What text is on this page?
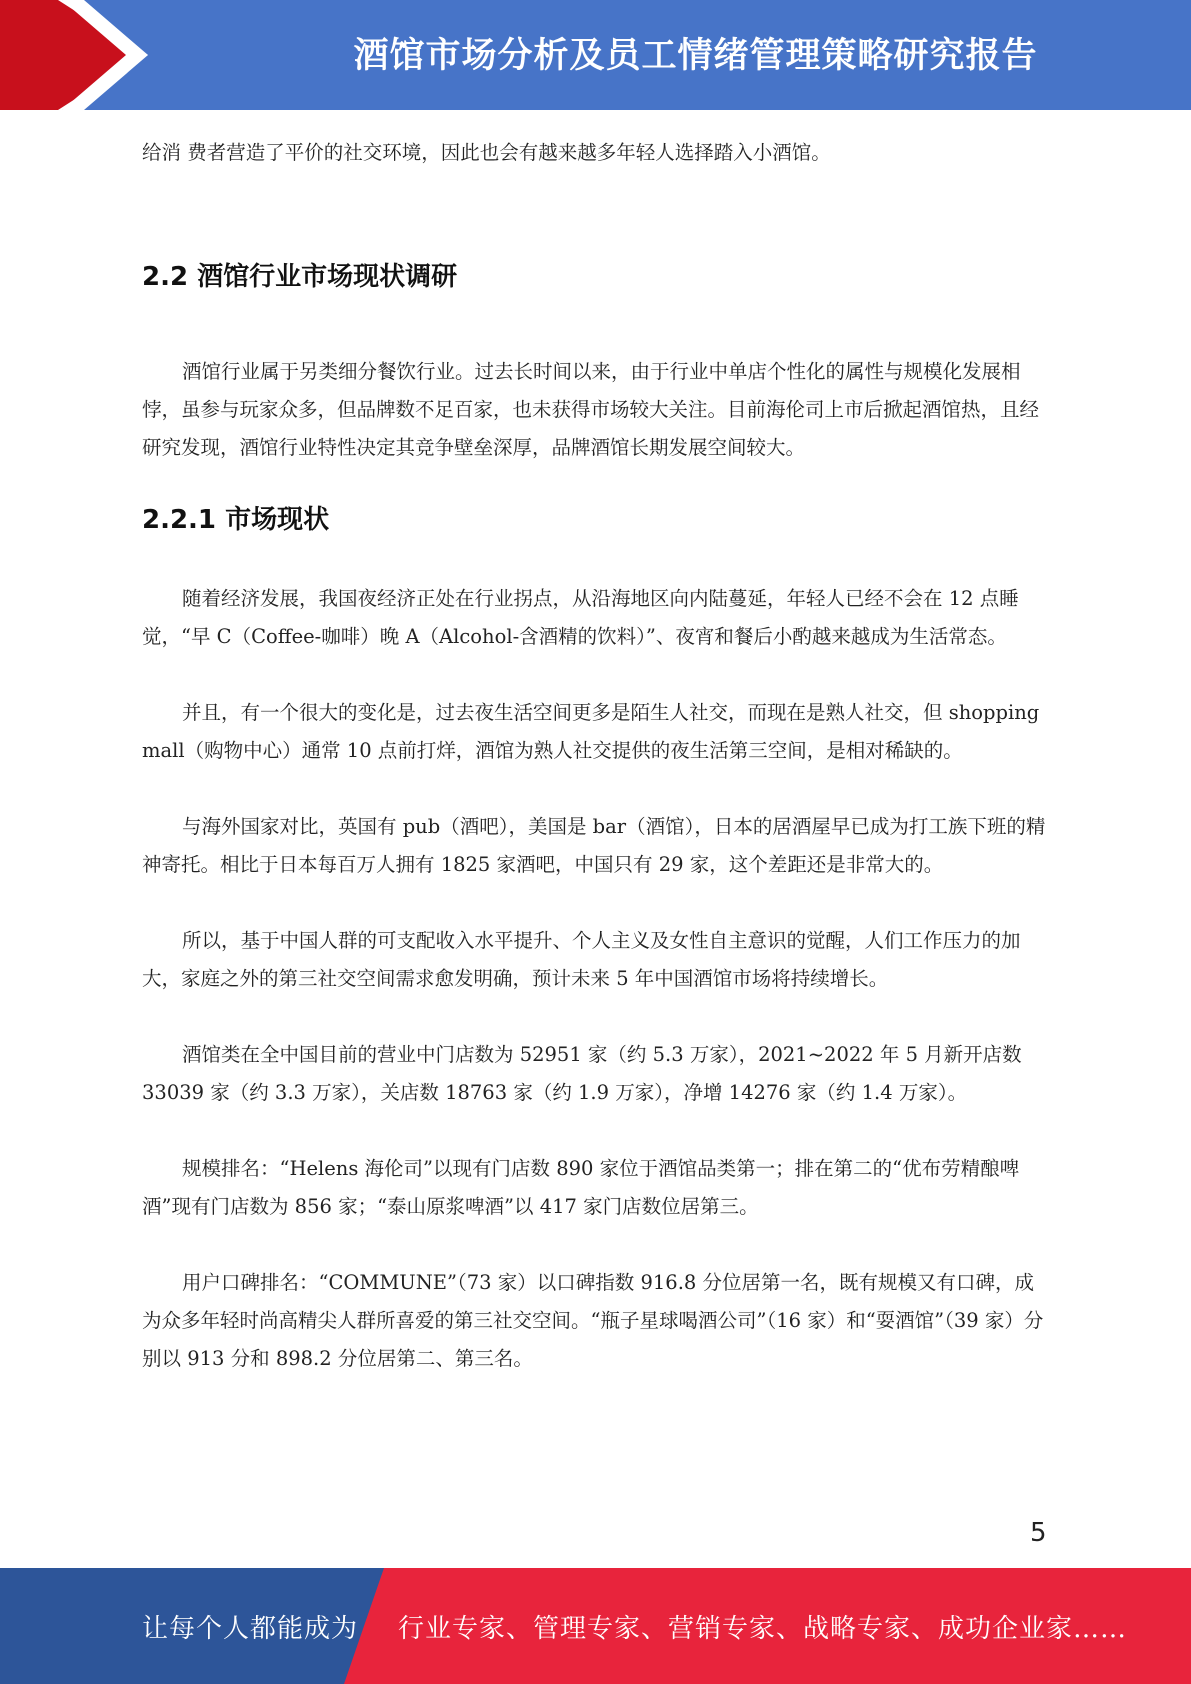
酒馆市场分析及员工情绪管理策略研究报告

给消 费者营造了平价的社交环境，因此也会有越来越多年轻人选择踏入小酒馆。

2.2 酒馆行业市场现状调研

酒馆行业属于另类细分餐饮行业。过去长时间以来，由于行业中单店个性化的属性与规模化发展相悖，虽参与玩家众多，但品牌数不足百家，也未获得市场较大关注。目前海伦司上市后掀起酒馆热，且经研究发现，酒馆行业特性决定其竞争壁垒深厚，品牌酒馆长期发展空间较大。

2.2.1 市场现状

随着经济发展，我国夜经济正处在行业拐点，从沿海地区向内陆蔓延，年轻人已经不会在 12 点睡觉，“早 C（Coffee-咖啡）晚 A（Alcohol-含酒精的饮料）”、夜宵和餐后小酌越来越成为生活常态。

并且，有一个很大的变化是，过去夜生活空间更多是陌生人社交，而现在是熟人社交，但 shopping mall（购物中心）通常 10 点前打烊，酒馆为熟人社交提供的夜生活第三空间，是相对稀缺的。

与海外国家对比，英国有 pub（酒吧），美国是 bar（酒馆），日本的居酒屋早已成为打工族下班的精神寄托。相比于日本每百万人拥有 1825 家酒吧，中国只有 29 家，这个差距还是非常大的。

所以，基于中国人群的可支配收入水平提升、个人主义及女性自主意识的觉醒，人们工作压力的加大，家庭之外的第三社交空间需求愈发明确，预计未来 5 年中国酒馆市场将持续增长。

酒馆类在全中国目前的营业中门店数为 52951 家（约 5.3 万家），2021~2022 年 5 月新开店数 33039 家（约 3.3 万家），关店数 18763 家（约 1.9 万家），净增 14276 家（约 1.4 万家）。

规模排名：“Helens 海伦司”以现有门店数 890 家位于酒馆品类第一；排在第二的“优布劳精酿啤酒”现有门店数为 856 家；“泰山原浆啤酒”以 417 家门店数位居第三。

用户口碑排名：“COMMUNE”（73 家）以口碑指数 916.8 分位居第一名，既有规模又有口碑，成为众多年轻时尚高精尖人群所喜爱的第三社交空间。“瓶子星球喝酒公司”（16 家）和“耍酒馆”（39 家）分别以 913 分和 898.2 分位居第二、第三名。

5
让每个人都能成为 行业专家、管理专家、营销专家、战略专家、成功企业家……
